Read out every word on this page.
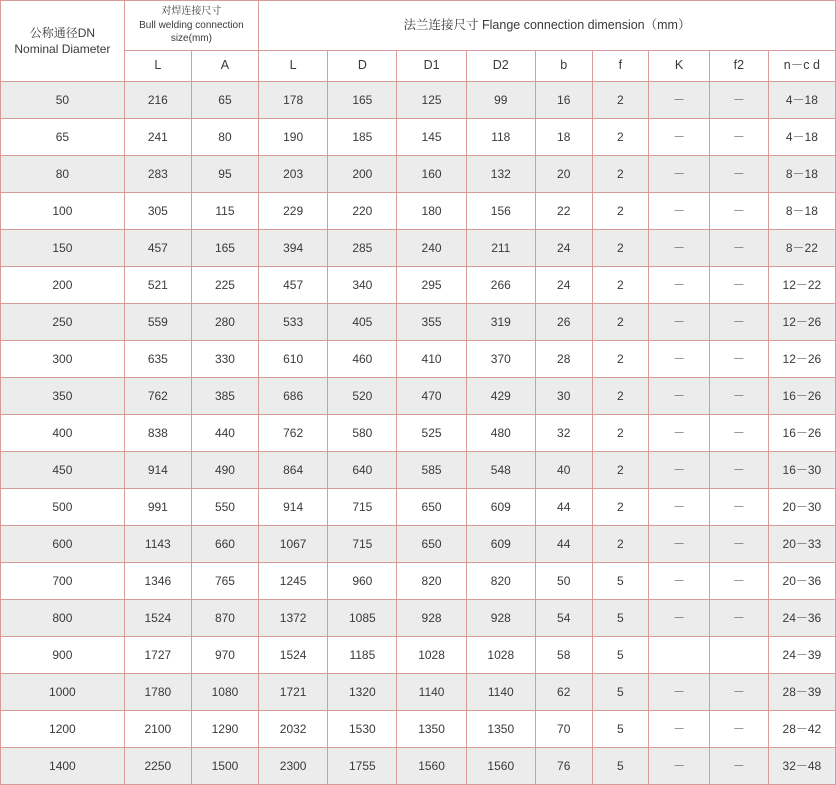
公称通径DN
Nominal Diameter	对焊连接尺寸
Bull welding connection size(mm)		法兰连接尺寸 Flange connection dimension（mm）								
	L	A	L	D	D1	D2	b	f	K	f2	n－c d
50	216	65	178	165	125	99	16	2	－	－	4－18
65	241	80	190	185	145	118	18	2	－	－	4－18
80	283	95	203	200	160	132	20	2	－	－	8－18
100	305	115	229	220	180	156	22	2	－	－	8－18
150	457	165	394	285	240	211	24	2	－	－	8－22
200	521	225	457	340	295	266	24	2	－	－	12－22
250	559	280	533	405	355	319	26	2	－	－	12－26
300	635	330	610	460	410	370	28	2	－	－	12－26
350	762	385	686	520	470	429	30	2	－	－	16－26
400	838	440	762	580	525	480	32	2	－	－	16－26
450	914	490	864	640	585	548	40	2	－	－	16－30
500	991	550	914	715	650	609	44	2	－	－	20－30
600	1143	660	1067	715	650	609	44	2	－	－	20－33
700	1346	765	1245	960	820	820	50	5	－	－	20－36
800	1524	870	1372	1085	928	928	54	5	－	－	24－36
900	1727	970	1524	1185	1028	1028	58	5			24－39
1000	1780	1080	1721	1320	1140	1140	62	5	－	－	28－39
1200	2100	1290	2032	1530	1350	1350	70	5	－	－	28－42
1400	2250	1500	2300	1755	1560	1560	76	5	－	－	32－48
